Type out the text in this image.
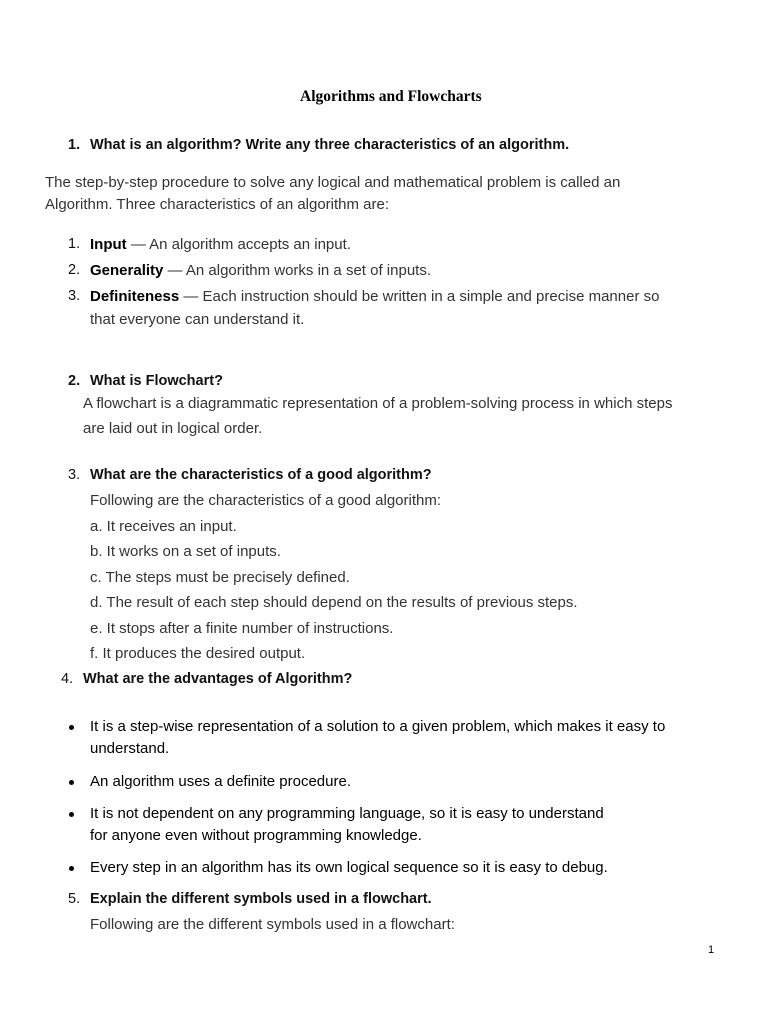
Algorithms and Flowcharts
1. What is an algorithm? Write any three characteristics of an algorithm.
The step-by-step procedure to solve any logical and mathematical problem is called an
Algorithm. Three characteristics of an algorithm are:
1. Input — An algorithm accepts an input.
2. Generality — An algorithm works in a set of inputs.
3. Definiteness — Each instruction should be written in a simple and precise manner so
that everyone can understand it.
2. What is Flowchart?
A flowchart is a diagrammatic representation of a problem-solving process in which steps
are laid out in logical order.
3. What are the characteristics of a good algorithm?
Following are the characteristics of a good algorithm:
a. It receives an input.
b. It works on a set of inputs.
c. The steps must be precisely defined.
d. The result of each step should depend on the results of previous steps.
e. It stops after a finite number of instructions.
f. It produces the desired output.
4. What are the advantages of Algorithm?
It is a step-wise representation of a solution to a given problem, which makes it easy to
understand.
An algorithm uses a definite procedure.
It is not dependent on any programming language, so it is easy to understand
for anyone even without programming knowledge.
Every step in an algorithm has its own logical sequence so it is easy to debug.
5. Explain the different symbols used in a flowchart.
Following are the different symbols used in a flowchart:
1
